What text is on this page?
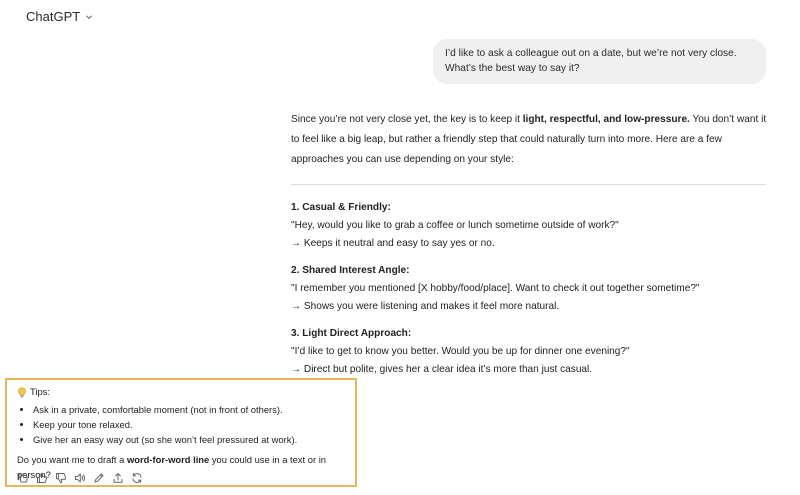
ChatGPT
I’d like to ask a colleague out on a date, but we’re not very close.
What’s the best way to say it?
Since you’re not very close yet, the key is to keep it light, respectful, and low-pressure. You don’t want it to feel like a big leap, but rather a friendly step that could naturally turn into more. Here are a few approaches you can use depending on your style:
1. Casual & Friendly:
"Hey, would you like to grab a coffee or lunch sometime outside of work?"
→ Keeps it neutral and easy to say yes or no.
2. Shared Interest Angle:
"I remember you mentioned [X hobby/food/place]. Want to check it out together sometime?"
→ Shows you were listening and makes it feel more natural.
3. Light Direct Approach:
"I’d like to get to know you better. Would you be up for dinner one evening?"
→ Direct but polite, gives her a clear idea it’s more than just casual.
Tips:
• Ask in a private, comfortable moment (not in front of others).
• Keep your tone relaxed.
• Give her an easy way out (so she won’t feel pressured at work).
Do you want me to draft a word-for-word line you could use in a text or in person?
